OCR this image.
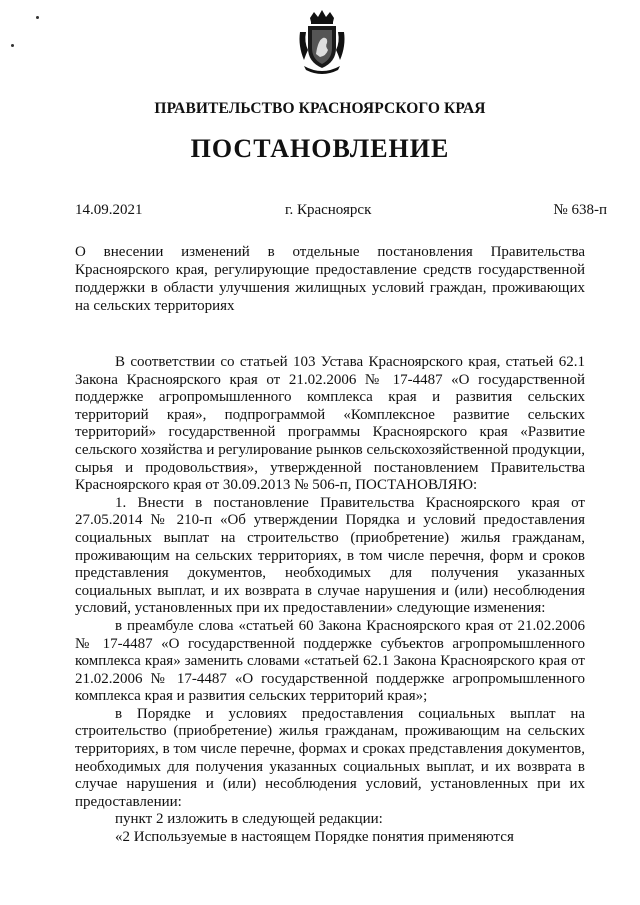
ПРАВИТЕЛЬСТВО КРАСНОЯРСКОГО КРАЯ
ПОСТАНОВЛЕНИЕ
14.09.2021	г. Красноярск	№ 638-п
О внесении изменений в отдельные постановления Правительства Красноярского края, регулирующие предоставление средств государственной поддержки в области улучшения жилищных условий граждан, проживающих на сельских территориях

В соответствии со статьей 103 Устава Красноярского края, статьей 62.1 Закона Красноярского края от 21.02.2006 № 17-4487 «О государственной поддержке агропромышленного комплекса края и развития сельских территорий края», подпрограммой «Комплексное развитие сельских территорий» государственной программы Красноярского края «Развитие сельского хозяйства и регулирование рынков сельскохозяйственной продукции, сырья и продовольствия», утвержденной постановлением Правительства Красноярского края от 30.09.2013 № 506-п, ПОСТАНОВЛЯЮ:

1. Внести в постановление Правительства Красноярского края от 27.05.2014 № 210-п «Об утверждении Порядка и условий предоставления социальных выплат на строительство (приобретение) жилья гражданам, проживающим на сельских территориях, в том числе перечня, форм и сроков представления документов, необходимых для получения указанных социальных выплат, и их возврата в случае нарушения и (или) несоблюдения условий, установленных при их предоставлении» следующие изменения:

в преамбуле слова «статьей 60 Закона Красноярского края от 21.02.2006 № 17-4487 «О государственной поддержке субъектов агропромышленного комплекса края» заменить словами «статьей 62.1 Закона Красноярского края от 21.02.2006 № 17-4487 «О государственной поддержке агропромышленного комплекса края и развития сельских территорий края»;

в Порядке и условиях предоставления социальных выплат на строительство (приобретение) жилья гражданам, проживающим на сельских территориях, в том числе перечне, формах и сроках представления документов, необходимых для получения указанных социальных выплат, и их возврата в случае нарушения и (или) несоблюдения условий, установленных при их предоставлении:

пункт 2 изложить в следующей редакции:

«2 Используемые в настоящем Порядке понятия применяются
